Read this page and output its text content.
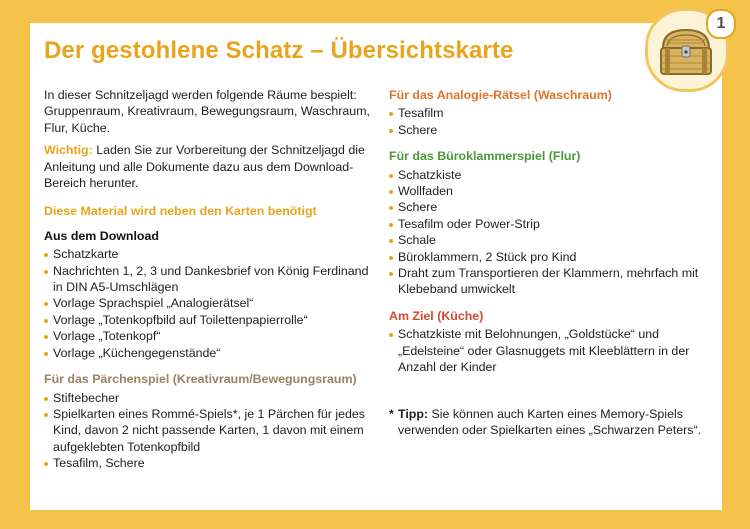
Der gestohlene Schatz – Übersichtskarte

In dieser Schnitzeljagd werden folgende Räume bespielt: Gruppenraum, Kreativraum, Bewegungsraum, Waschraum, Flur, Küche.

Wichtig: Laden Sie zur Vorbereitung der Schnitzeljagd die Anleitung und alle Dokumente dazu aus dem Download-Bereich herunter.

Diese Material wird neben den Karten benötigt

Aus dem Download

Schatzkarte
Nachrichten 1, 2, 3 und Dankesbrief von König Ferdinand in DIN A5-Umschlägen
Vorlage Sprachspiel „Analogierätsel“
Vorlage „Totenkopfbild auf Toilettenpapierrolle“
Vorlage „Totenkopf“
Vorlage „Küchengegenstände“

Für das Pärchenspiel (Kreativraum/Bewegungsraum)

Stiftebecher
Spielkarten eines Rommé-Spiels*, je 1 Pärchen für jedes Kind, davon 2 nicht passende Karten, 1 davon mit einem aufgeklebten Totenkopfbild
Tesafilm, Schere

Für das Analogie-Rätsel (Waschraum)

Tesafilm
Schere

Für das Büroklammerspiel (Flur)

Schatzkiste
Wollfaden
Schere
Tesafilm oder Power-Strip
Schale
Büroklammern, 2 Stück pro Kind
Draht zum Transportieren der Klammern, mehrfach mit Klebeband umwickelt

Am Ziel (Küche)

Schatzkiste mit Belohnungen, „Goldstücke“ und „Edelsteine“ oder Glasnuggets mit Kleeblättern in der Anzahl der Kinder

* Tipp: Sie können auch Karten eines Memory-Spiels verwenden oder Spielkarten eines „Schwarzen Peters“.

1
